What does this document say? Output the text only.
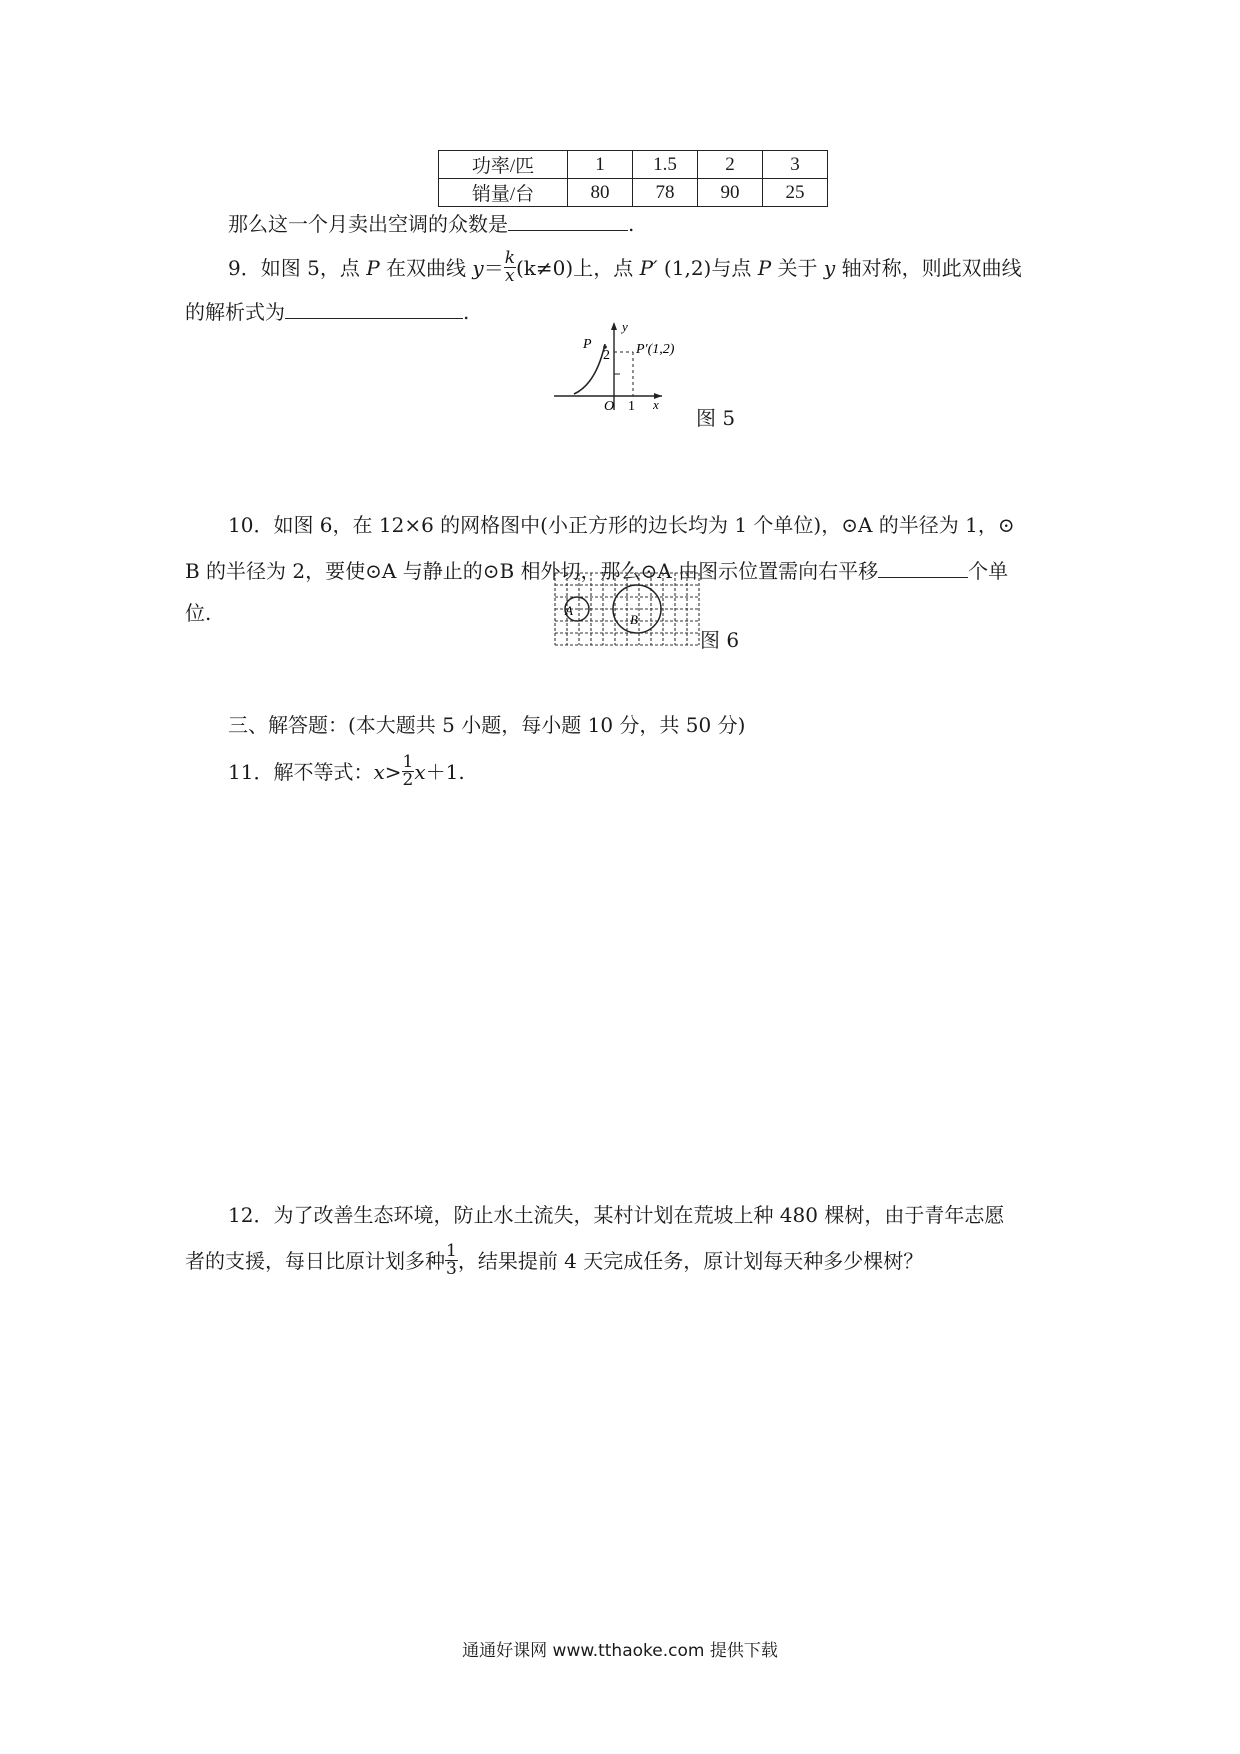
功率/匹	1	1.5	2	3
销量/台	80	78	90	25
那么这一个月卖出空调的众数是	.
9．如图 5，点 P 在双曲线 $y= \frac{k}{x} (k\ne 0)$上，点 P′ (1,2)与点 P 关于 y 轴对称，则此双曲线
的解析式为	.
P
2 P′(1,2)
O 1 x
y
图 5
10．如图 6，在 12×6 的网格图中(小正方形的边长均为 1 个单位)，⊙A 的半径为 1，⊙
B 的半径为 2，要使⊙A 与静止的⊙B 相外切，那么⊙A 由图示位置需向右平移	个单
位.	A
B
图 6
三、解答题：(本大题共 5 小题，每小题 10 分，共 50 分)
11．解不等式：$x> \frac{1}{2} x+1$.
12．为了改善生态环境，防止水土流失，某村计划在荒坡上种 480 棵树，由于青年志愿
者的支援，每日比原计划多种 $\frac{1}{3}$ ，结果提前 4 天完成任务，原计划每天种多少棵树？
通通好课网 www.tthaoke.com 提供下载
